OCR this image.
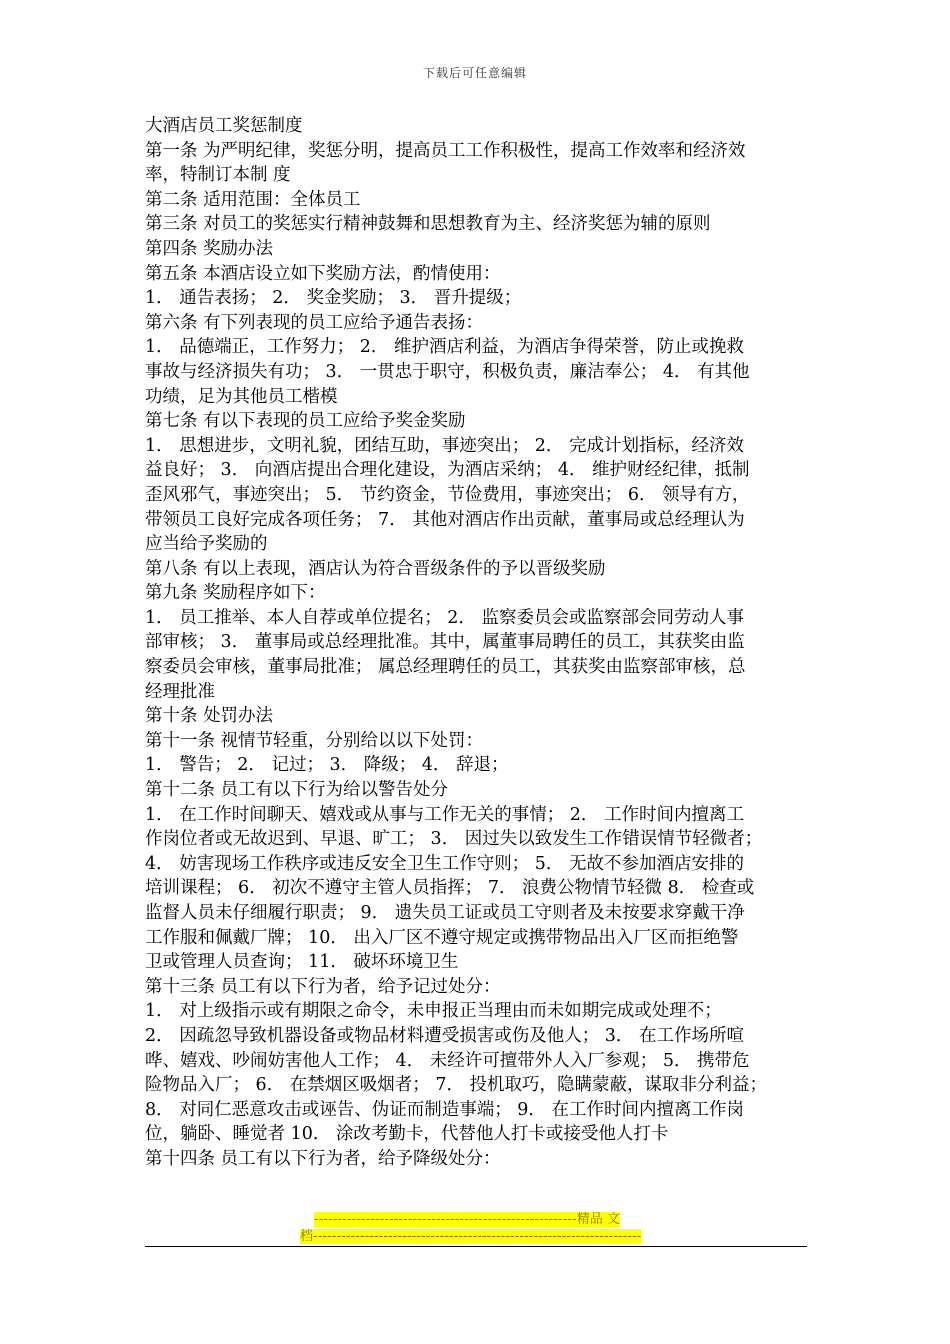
下载后可任意编辑
大酒店员工奖惩制度
第一条 为严明纪律，奖惩分明，提高员工工作积极性，提高工作效率和经济效
率，特制订本制 度
第二条 适用范围：全体员工
第三条 对员工的奖惩实行精神鼓舞和思想教育为主、经济奖惩为辅的原则
第四条 奖励办法
第五条 本酒店设立如下奖励方法，酌情使用：
1． 通告表扬； 2． 奖金奖励； 3． 晋升提级；
第六条 有下列表现的员工应给予通告表扬：
1． 品德端正，工作努力； 2． 维护酒店利益，为酒店争得荣誉，防止或挽救
事故与经济损失有功； 3． 一贯忠于职守，积极负责，廉洁奉公； 4． 有其他
功绩，足为其他员工楷模
第七条 有以下表现的员工应给予奖金奖励
1． 思想进步，文明礼貌，团结互助，事迹突出； 2． 完成计划指标，经济效
益良好； 3． 向酒店提出合理化建设，为酒店采纳； 4． 维护财经纪律，抵制
歪风邪气，事迹突出； 5． 节约资金，节俭费用，事迹突出； 6． 领导有方，
带领员工良好完成各项任务； 7． 其他对酒店作出贡献，董事局或总经理认为
应当给予奖励的
第八条 有以上表现，酒店认为符合晋级条件的予以晋级奖励
第九条 奖励程序如下：
1． 员工推举、本人自荐或单位提名； 2． 监察委员会或监察部会同劳动人事
部审核； 3． 董事局或总经理批准。其中，属董事局聘任的员工，其获奖由监
察委员会审核，董事局批准； 属总经理聘任的员工，其获奖由监察部审核，总
经理批准
第十条 处罚办法
第十一条 视情节轻重，分别给以以下处罚：
1． 警告； 2． 记过； 3． 降级； 4． 辞退；
第十二条 员工有以下行为给以警告处分
1． 在工作时间聊天、嬉戏或从事与工作无关的事情； 2． 工作时间内擅离工
作岗位者或无故迟到、早退、旷工； 3． 因过失以致发生工作错误情节轻微者；
4． 妨害现场工作秩序或违反安全卫生工作守则； 5． 无故不参加酒店安排的
培训课程； 6． 初次不遵守主管人员指挥； 7． 浪费公物情节轻微 8． 检查或
监督人员未仔细履行职责； 9． 遗失员工证或员工守则者及未按要求穿戴干净
工作服和佩戴厂牌； 10． 出入厂区不遵守规定或携带物品出入厂区而拒绝警
卫或管理人员查询； 11． 破坏环境卫生
第十三条 员工有以下行为者，给予记过处分：
1． 对上级指示或有期限之命令，未申报正当理由而未如期完成或处理不；
2． 因疏忽导致机器设备或物品材料遭受损害或伤及他人； 3． 在工作场所喧
哗、嬉戏、吵闹妨害他人工作； 4． 未经许可擅带外人入厂参观； 5． 携带危
险物品入厂； 6． 在禁烟区吸烟者； 7． 投机取巧，隐瞒蒙蔽，谋取非分利益；
8． 对同仁恶意攻击或诬告、伪证而制造事端； 9． 在工作时间内擅离工作岗
位，躺卧、睡觉者 10． 涂改考勤卡，代替他人打卡或接受他人打卡
第十四条 员工有以下行为者，给予降级处分：
--------------------------------------------------------精品 文
档----------------------------------------------------------------------
